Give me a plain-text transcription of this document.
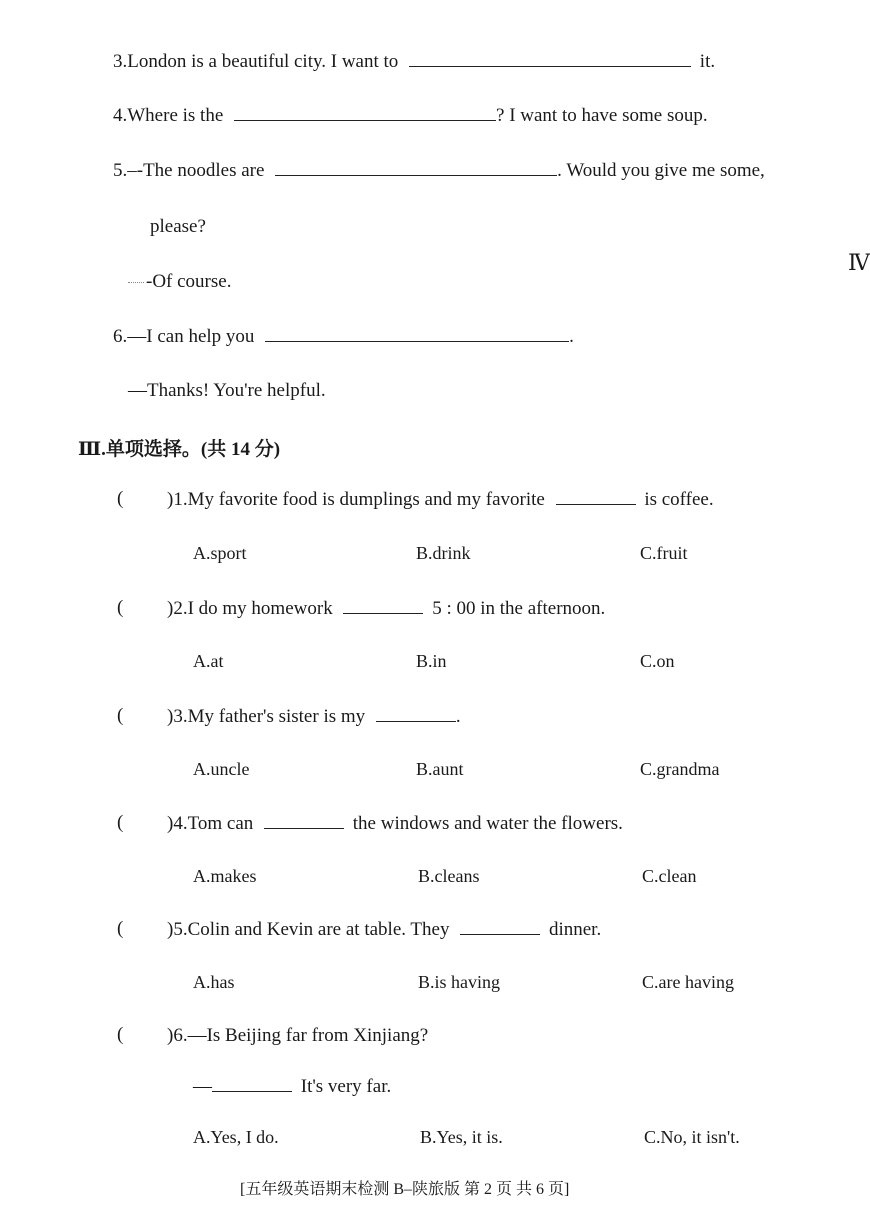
3.London is a beautiful city. I want to	it.
4.Where is the	? I want to have some soup.
5.–-The noodles are	. Would you give me some,
please?
-Of course.
6.—I can help you	.
—Thanks! You're helpful.
Ⅳ
Ⅲ.单项选择。(共 14 分)
( )1.My favorite food is dumplings and my favorite	is coffee.
A.sport	B.drink	C.fruit
( )2.I do my homework	5 : 00 in the afternoon.
A.at	B.in	C.on
( )3.My father's sister is my	.
A.uncle	B.aunt	C.grandma
( )4.Tom can	the windows and water the flowers.
A.makes	B.cleans	C.clean
( )5.Colin and Kevin are at table. They	dinner.
A.has	B.is having	C.are having
( )6.—Is Beijing far from Xinjiang?
—	It's very far.
A.Yes, I do.	B.Yes, it is.	C.No, it isn't.
[五年级英语期末检测 B–陕旅版 第 2 页 共 6 页]
